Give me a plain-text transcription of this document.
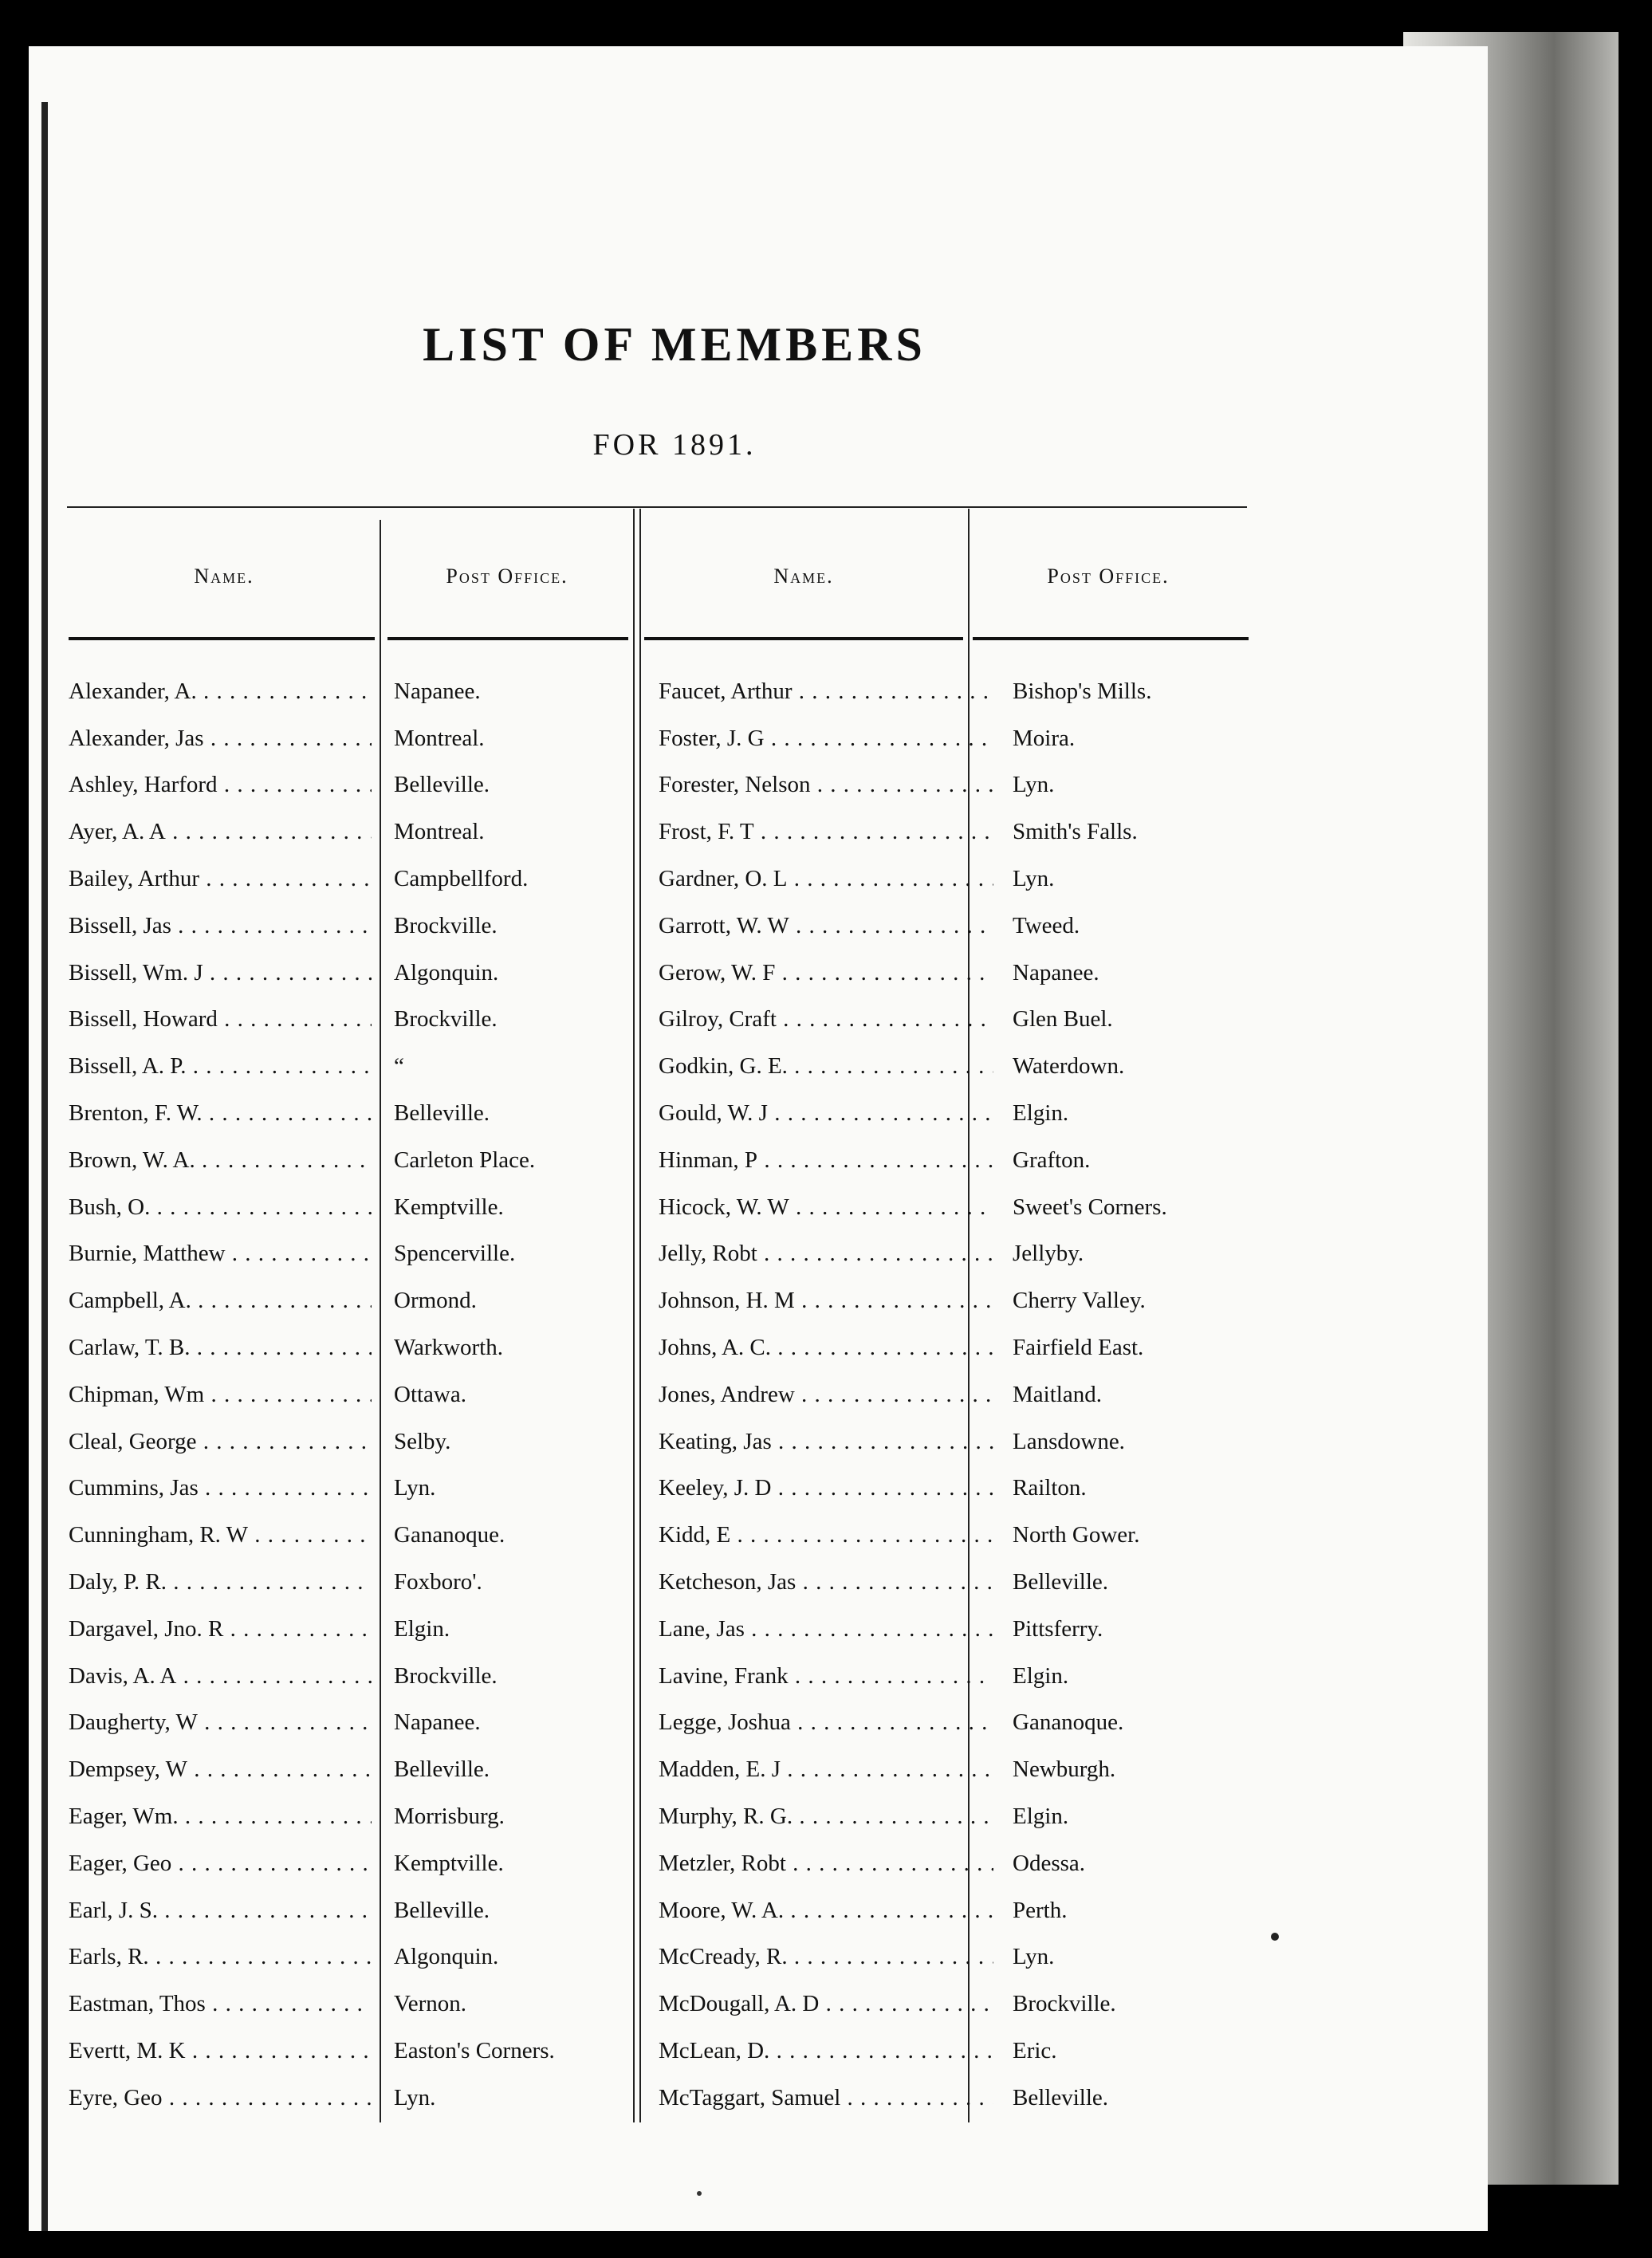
LIST OF MEMBERS
FOR 1891.
Name.	Post Office.	Name.	Post Office.
Alexander, A. . . .	Napanee.
Alexander, Jas . . .	Montreal.
Ashley, Harford . . .	Belleville.
Ayer, A. A . . .	Montreal.
Bailey, Arthur . . .	Campbellford.
Bissell, Jas . . .	Brockville.
Bissell, Wm. J . . .	Algonquin.
Bissell, Howard . . .	Brockville.
Bissell, A. P. . . .	“
Brenton, F. W. . . .	Belleville.
Brown, W. A. . . .	Carleton Place.
Bush, O. . . .	Kemptville.
Burnie, Matthew . . .	Spencerville.
Campbell, A. . . .	Ormond.
Carlaw, T. B. . . .	Warkworth.
Chipman, Wm . . .	Ottawa.
Cleal, George . . .	Selby.
Cummins, Jas . . .	Lyn.
Cunningham, R. W . . .	Gananoque.
Daly, P. R. . . .	Foxboro'.
Dargavel, Jno. R . . .	Elgin.
Davis, A. A . . .	Brockville.
Daugherty, W . . .	Napanee.
Dempsey, W . . .	Belleville.
Eager, Wm. . . .	Morrisburg.
Eager, Geo . . .	Kemptville.
Earl, J. S. . . .	Belleville.
Earls, R. . . .	Algonquin.
Eastman, Thos . . .	Vernon.
Evertt, M. K . . .	Easton's Corners.
Eyre, Geo . . .	Lyn.
Faucet, Arthur . . .	Bishop's Mills.
Foster, J. G . . .	Moira.
Forester, Nelson . . .	Lyn.
Frost, F. T . . .	Smith's Falls.
Gardner, O. L . . .	Lyn.
Garrott, W. W . . .	Tweed.
Gerow, W. F . . .	Napanee.
Gilroy, Craft . . .	Glen Buel.
Godkin, G. E. . . .	Waterdown.
Gould, W. J . . .	Elgin.
Hinman, P . . .	Grafton.
Hicock, W. W . . .	Sweet's Corners.
Jelly, Robt . . .	Jellyby.
Johnson, H. M . . .	Cherry Valley.
Johns, A. C. . . .	Fairfield East.
Jones, Andrew . . .	Maitland.
Keating, Jas . . .	Lansdowne.
Keeley, J. D . . .	Railton.
Kidd, E . . .	North Gower.
Ketcheson, Jas . . .	Belleville.
Lane, Jas . . .	Pittsferry.
Lavine, Frank . . .	Elgin.
Legge, Joshua . . .	Gananoque.
Madden, E. J . . .	Newburgh.
Murphy, R. G. . . .	Elgin.
Metzler, Robt . . .	Odessa.
Moore, W. A. . . .	Perth.
McCready, R. . . .	Lyn.
McDougall, A. D . . .	Brockville.
McLean, D. . . .	Eric.
McTaggart, Samuel . . .	Belleville.
